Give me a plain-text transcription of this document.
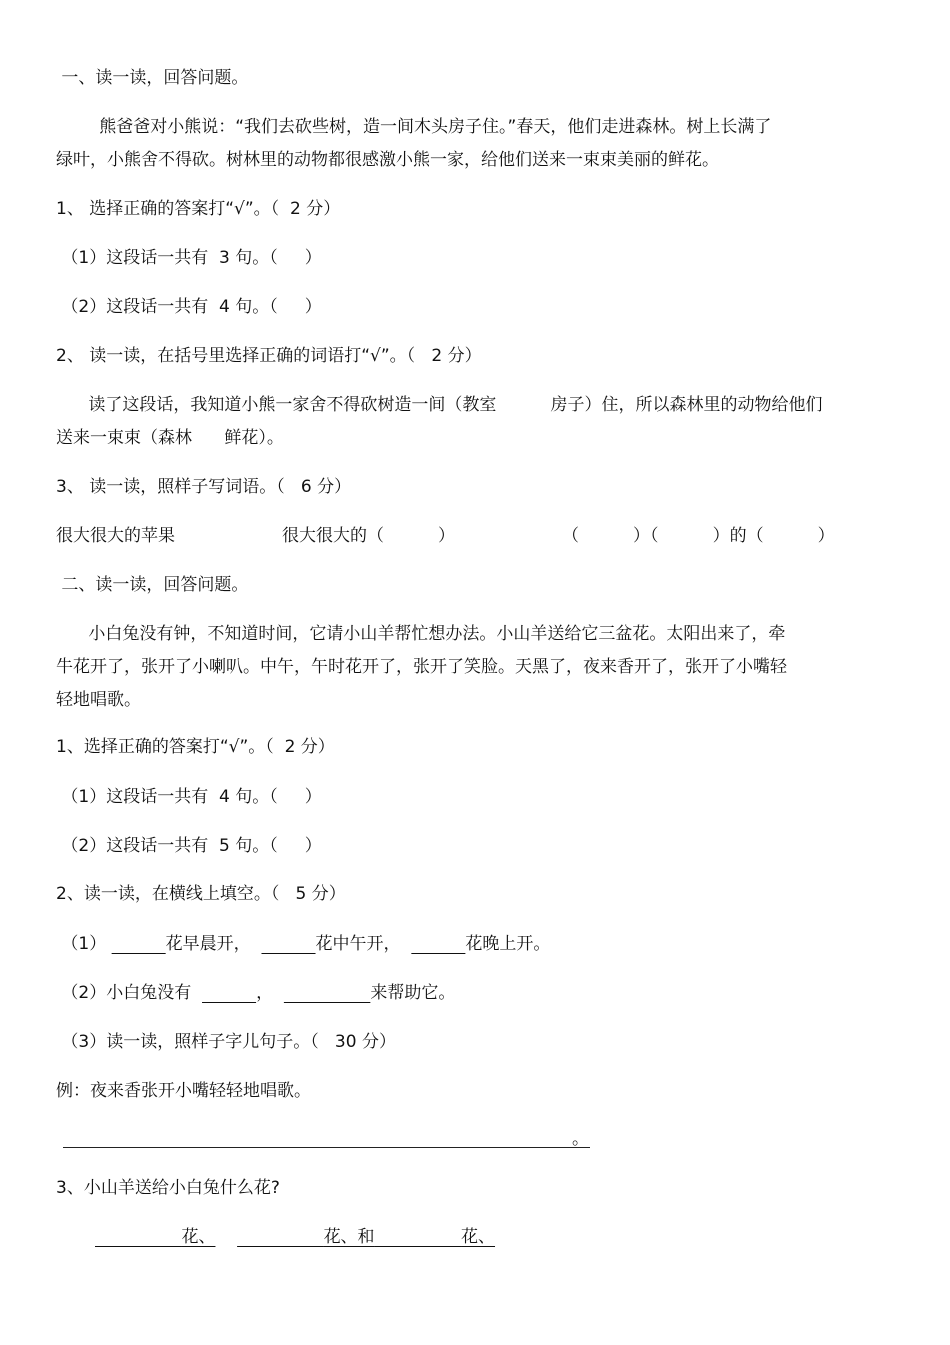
一、读一读，回答问题。
熊爸爸对小熊说：“我们去砍些树，造一间木头房子住。”春天，他们走进森林。树上长满了
绿叶，小熊舍不得砍。树林里的动物都很感激小熊一家，给他们送来一束束美丽的鲜花。
1、 选择正确的答案打“√”。（  2 分）
（1）这段话一共有  3 句。（     ）
（2）这段话一共有  4 句。（     ）
2、 读一读，在括号里选择正确的词语打“√”。（   2 分）
读了这段话，我知道小熊一家舍不得砍树造一间（教室          房子）住，所以森林里的动物给他们
送来一束束（森林      鲜花）。
3、 读一读，照样子写词语。（   6 分）
很大很大的苹果	很大很大的（          ）	（          ）（          ）的（          ）
二、读一读，回答问题。
小白兔没有钟，不知道时间，它请小山羊帮忙想办法。小山羊送给它三盆花。太阳出来了，牵
牛花开了，张开了小喇叭。中午，午时花开了，张开了笑脸。天黑了，夜来香开了，张开了小嘴轻
轻地唱歌。
1、选择正确的答案打“√”。（  2 分）
（1）这段话一共有  4 句。（     ）
（2）这段话一共有  5 句。（     ）
2、读一读，在横线上填空。（   5 分）
（1）	花早晨开，	花中午开，	花晚上开。
（2）小白兔没有	，	来帮助它。
（3）读一读，照样子字儿句子。（   30 分）
例：夜来香张开小嘴轻轻地唱歌。
。
3、小山羊送给小白兔什么花?
花、	花、和	花、
